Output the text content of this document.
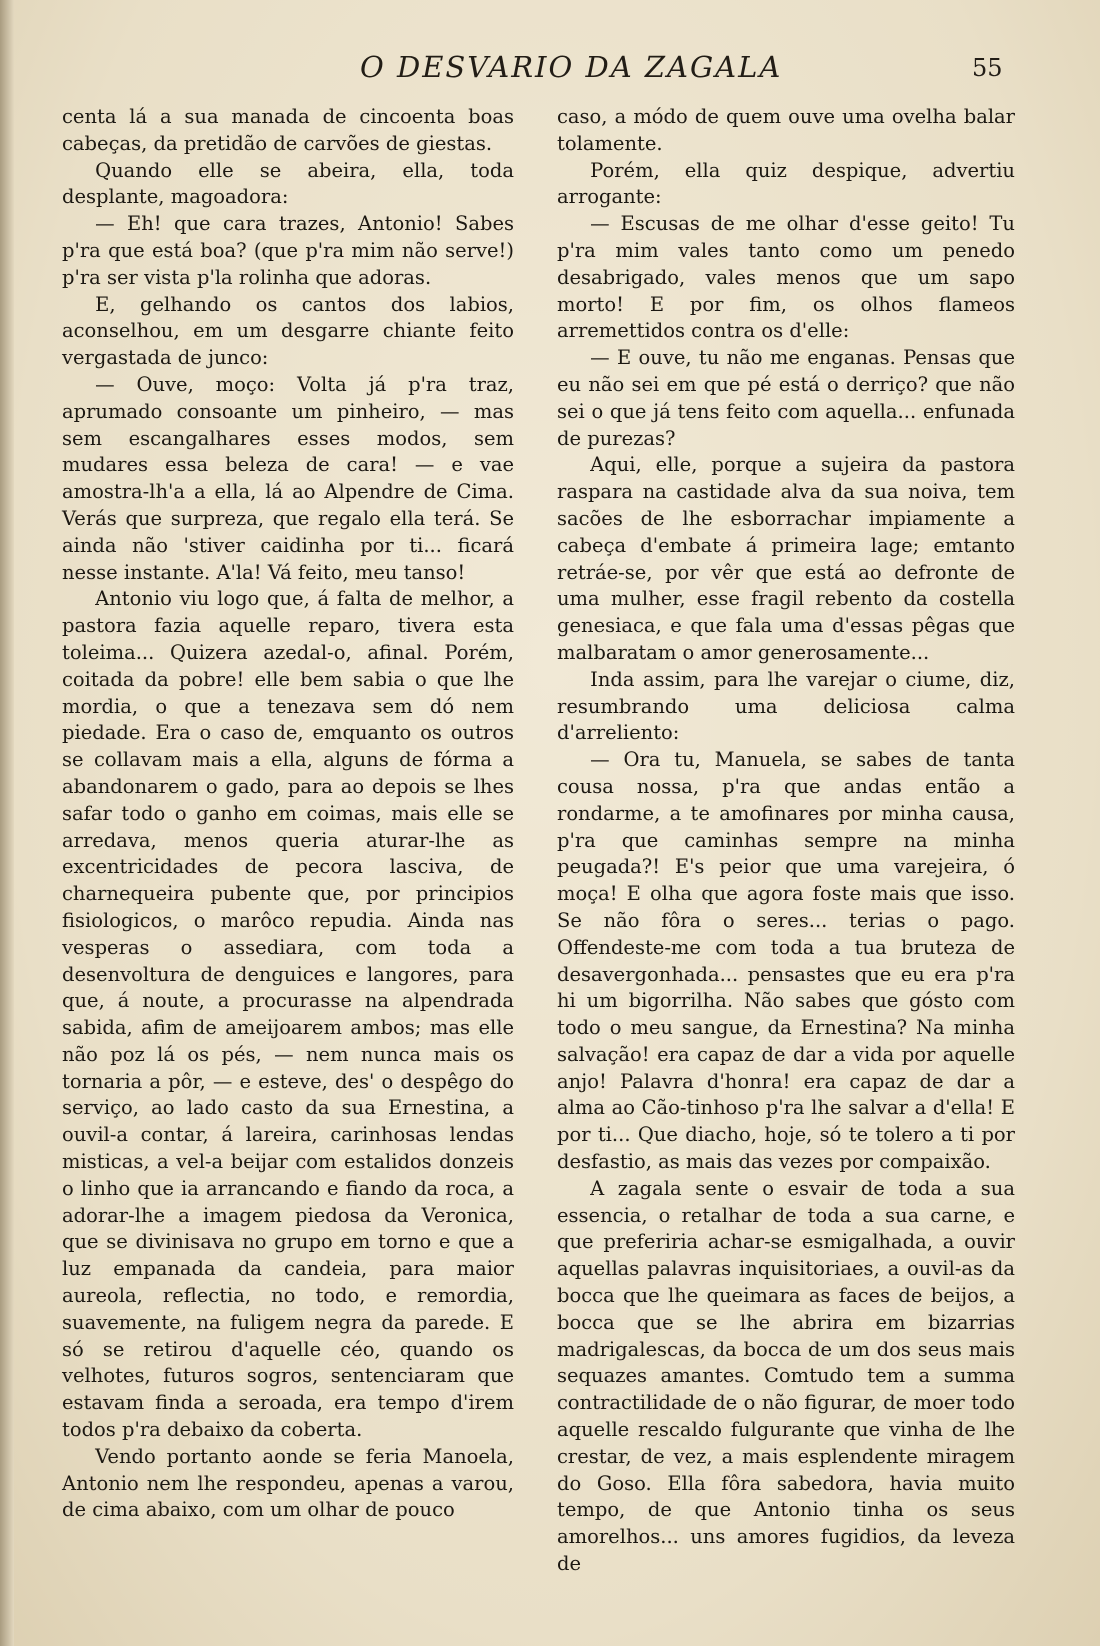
O DESVARIO DA ZAGALA	55

centa lá a sua manada de cincoenta boas cabeças, da pretidão de carvões de giestas.

Quando elle se abeira, ella, toda desplante, magoadora:

— Eh! que cara trazes, Antonio! Sabes p'ra que está boa? (que p'ra mim não serve!) p'ra ser vista p'la rolinha que adoras.

E, gelhando os cantos dos labios, aconselhou, em um desgarre chiante feito vergastada de junco:

— Ouve, moço: Volta já p'ra traz, aprumado consoante um pinheiro, — mas sem escangalhares esses modos, sem mudares essa beleza de cara! — e vae amostra-lh'a a ella, lá ao Alpendre de Cima. Verás que surpreza, que regalo ella terá. Se ainda não 'stiver caidinha por ti... ficará nesse instante. A'la! Vá feito, meu tanso!

Antonio viu logo que, á falta de melhor, a pastora fazia aquelle reparo, tivera esta toleima... Quizera azedal-o, afinal. Porém, coitada da pobre! elle bem sabia o que lhe mordia, o que a tenezava sem dó nem piedade. Era o caso de, emquanto os outros se collavam mais a ella, alguns de fórma a abandonarem o gado, para ao depois se lhes safar todo o ganho em coimas, mais elle se arredava, menos queria aturar-lhe as excentricidades de pecora lasciva, de charnequeira pubente que, por principios fisiologicos, o marôco repudia. Ainda nas vesperas o assediara, com toda a desenvoltura de denguices e langores, para que, á noute, a procurasse na alpendrada sabida, afim de ameijoarem ambos; mas elle não poz lá os pés, — nem nunca mais os tornaria a pôr, — e esteve, des' o despêgo do serviço, ao lado casto da sua Ernestina, a ouvil-a contar, á lareira, carinhosas lendas misticas, a vel-a beijar com estalidos donzeis o linho que ia arrancando e fiando da roca, a adorar-lhe a imagem piedosa da Veronica, que se divinisava no grupo em torno e que a luz empanada da candeia, para maior aureola, reflectia, no todo, e remordia, suavemente, na fuligem negra da parede. E só se retirou d'aquelle céo, quando os velhotes, futuros sogros, sentenciaram que estavam finda a seroada, era tempo d'irem todos p'ra debaixo da coberta.

Vendo portanto aonde se feria Manoela, Antonio nem lhe respondeu, apenas a varou, de cima abaixo, com um olhar de pouco

caso, a módo de quem ouve uma ovelha balar tolamente.

Porém, ella quiz despique, advertiu arrogante:

— Escusas de me olhar d'esse geito! Tu p'ra mim vales tanto como um penedo desabrigado, vales menos que um sapo morto! E por fim, os olhos flameos arremettidos contra os d'elle:

— E ouve, tu não me enganas. Pensas que eu não sei em que pé está o derriço? que não sei o que já tens feito com aquella... enfunada de purezas?

Aqui, elle, porque a sujeira da pastora raspara na castidade alva da sua noiva, tem sacões de lhe esborrachar impiamente a cabeça d'embate á primeira lage; emtanto retráe-se, por vêr que está ao defronte de uma mulher, esse fragil rebento da costella genesiaca, e que fala uma d'essas pêgas que malbaratam o amor generosamente...

Inda assim, para lhe varejar o ciume, diz, resumbrando uma deliciosa calma d'arreliento:

— Ora tu, Manuela, se sabes de tanta cousa nossa, p'ra que andas então a rondarme, a te amofinares por minha causa, p'ra que caminhas sempre na minha peugada?! E's peior que uma varejeira, ó moça! E olha que agora foste mais que isso. Se não fôra o seres... terias o pago. Offendeste-me com toda a tua bruteza de desavergonhada... pensastes que eu era p'ra hi um bigorrilha. Não sabes que gósto com todo o meu sangue, da Ernestina? Na minha salvação! era capaz de dar a vida por aquelle anjo! Palavra d'honra! era capaz de dar a alma ao Cão-tinhoso p'ra lhe salvar a d'ella! E por ti... Que diacho, hoje, só te tolero a ti por desfastio, as mais das vezes por compaixão.

A zagala sente o esvair de toda a sua essencia, o retalhar de toda a sua carne, e que preferiria achar-se esmigalhada, a ouvir aquellas palavras inquisitoriaes, a ouvil-as da bocca que lhe queimara as faces de beijos, a bocca que se lhe abrira em bizarrias madrigalescas, da bocca de um dos seus mais sequazes amantes. Comtudo tem a summa contractilidade de o não figurar, de moer todo aquelle rescaldo fulgurante que vinha de lhe crestar, de vez, a mais esplendente miragem do Goso. Ella fôra sabedora, havia muito tempo, de que Antonio tinha os seus amorelhos... uns amores fugidios, da leveza de
